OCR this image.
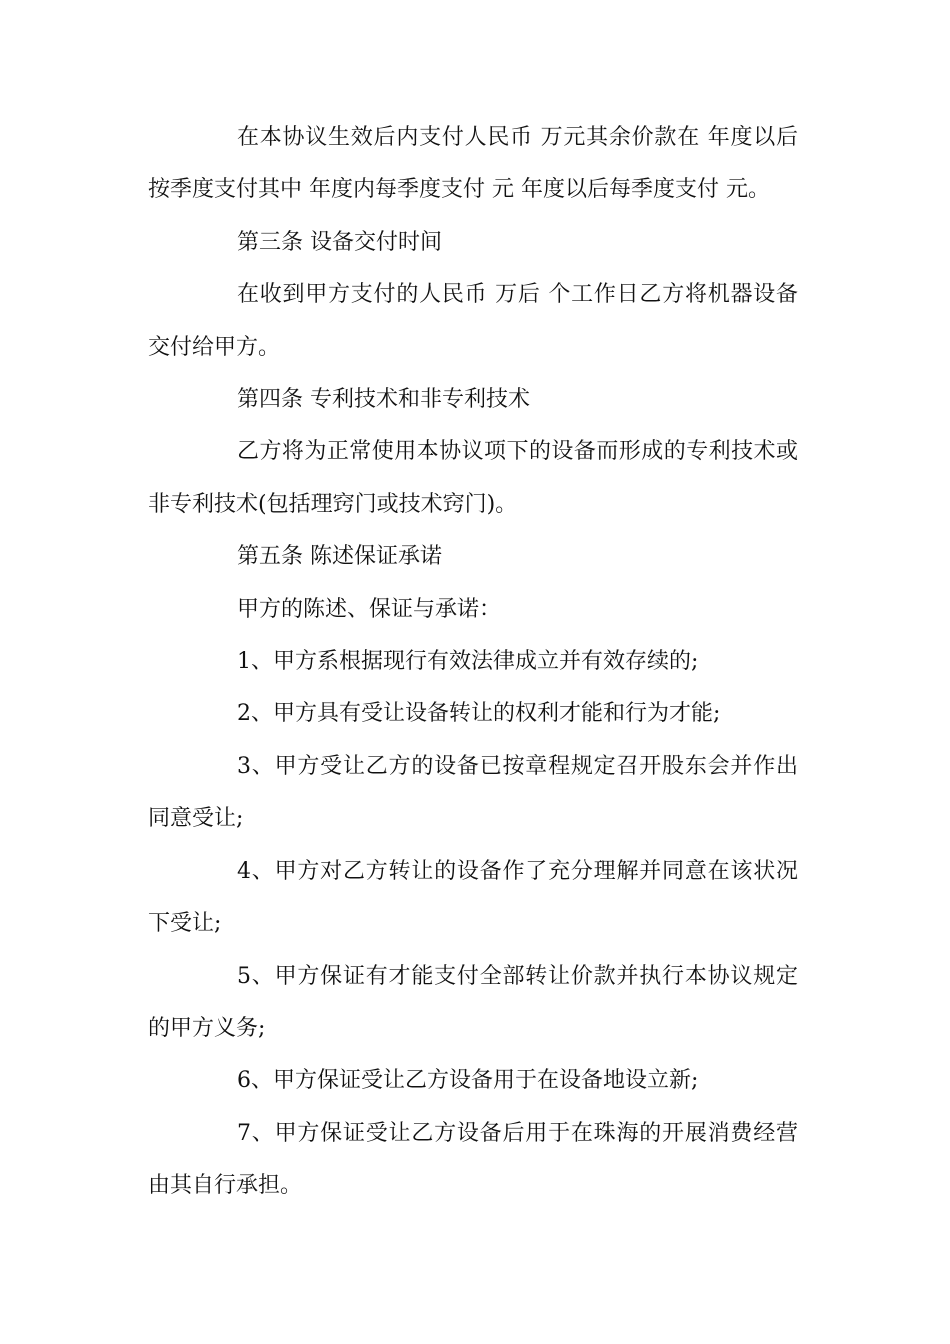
在本协议生效后内支付人民币 万元其余价款在 年度以后按季度支付其中 年度内每季度支付 元 年度以后每季度支付 元。

第三条 设备交付时间

在收到甲方支付的人民币 万后 个工作日乙方将机器设备交付给甲方。

第四条 专利技术和非专利技术

乙方将为正常使用本协议项下的设备而形成的专利技术或非专利技术(包括理窍门或技术窍门)。

第五条 陈述保证承诺

甲方的陈述、保证与承诺：

1、甲方系根据现行有效法律成立并有效存续的;

2、甲方具有受让设备转让的权利才能和行为才能;

3、甲方受让乙方的设备已按章程规定召开股东会并作出同意受让;

4、甲方对乙方转让的设备作了充分理解并同意在该状况下受让;

5、甲方保证有才能支付全部转让价款并执行本协议规定的甲方义务;

6、甲方保证受让乙方设备用于在设备地设立新;

7、甲方保证受让乙方设备后用于在珠海的开展消费经营由其自行承担。
